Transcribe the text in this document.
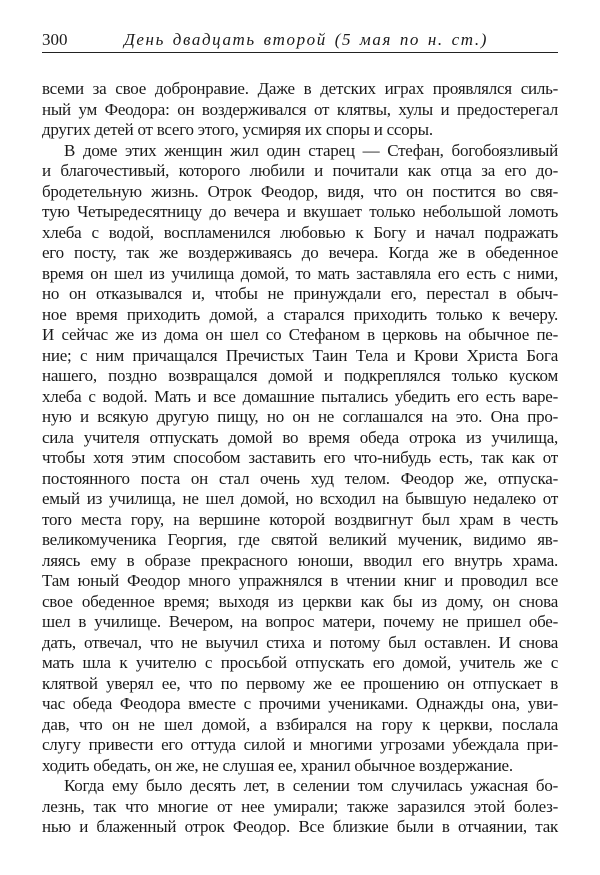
300	День двадцать второй (5 мая по н. ст.)
всеми за свое добронравие. Даже в детских играх проявлялся силь-
ный ум Феодора: он воздерживался от клятвы, хулы и предостерегал
других детей от всего этого, усмиряя их споры и ссоры.
В доме этих женщин жил один старец — Стефан, богобоязливый
и благочестивый, которого любили и почитали как отца за его до-
бродетельную жизнь. Отрок Феодор, видя, что он постится во свя-
тую Четыредесятницу до вечера и вкушает только небольшой ломоть
хлеба с водой, воспламенился любовью к Богу и начал подражать
его посту, так же воздерживаясь до вечера. Когда же в обеденное
время он шел из училища домой, то мать заставляла его есть с ними,
но он отказывался и, чтобы не принуждали его, перестал в обыч-
ное время приходить домой, а старался приходить только к вечеру.
И сейчас же из дома он шел со Стефаном в церковь на обычное пе-
ние; с ним причащался Пречистых Таин Тела и Крови Христа Бога
нашего, поздно возвращался домой и подкреплялся только куском
хлеба с водой. Мать и все домашние пытались убедить его есть варе-
ную и всякую другую пищу, но он не соглашался на это. Она про-
сила учителя отпускать домой во время обеда отрока из училища,
чтобы хотя этим способом заставить его что-нибудь есть, так как от
постоянного поста он стал очень худ телом. Феодор же, отпуска-
емый из училища, не шел домой, но всходил на бывшую недалеко от
того места гору, на вершине которой воздвигнут был храм в честь
великомученика Георгия, где святой великий мученик, видимо яв-
ляясь ему в образе прекрасного юноши, вводил его внутрь храма.
Там юный Феодор много упражнялся в чтении книг и проводил все
свое обеденное время; выходя из церкви как бы из дому, он снова
шел в училище. Вечером, на вопрос матери, почему не пришел обе-
дать, отвечал, что не выучил стиха и потому был оставлен. И снова
мать шла к учителю с просьбой отпускать его домой, учитель же с
клятвой уверял ее, что по первому же ее прошению он отпускает в
час обеда Феодора вместе с прочими учениками. Однажды она, уви-
дав, что он не шел домой, а взбирался на гору к церкви, послала
слугу привести его оттуда силой и многими угрозами убеждала при-
ходить обедать, он же, не слушая ее, хранил обычное воздержание.
Когда ему было десять лет, в селении том случилась ужасная бо-
лезнь, так что многие от нее умирали; также заразился этой болез-
нью и блаженный отрок Феодор. Все близкие были в отчаянии, так
